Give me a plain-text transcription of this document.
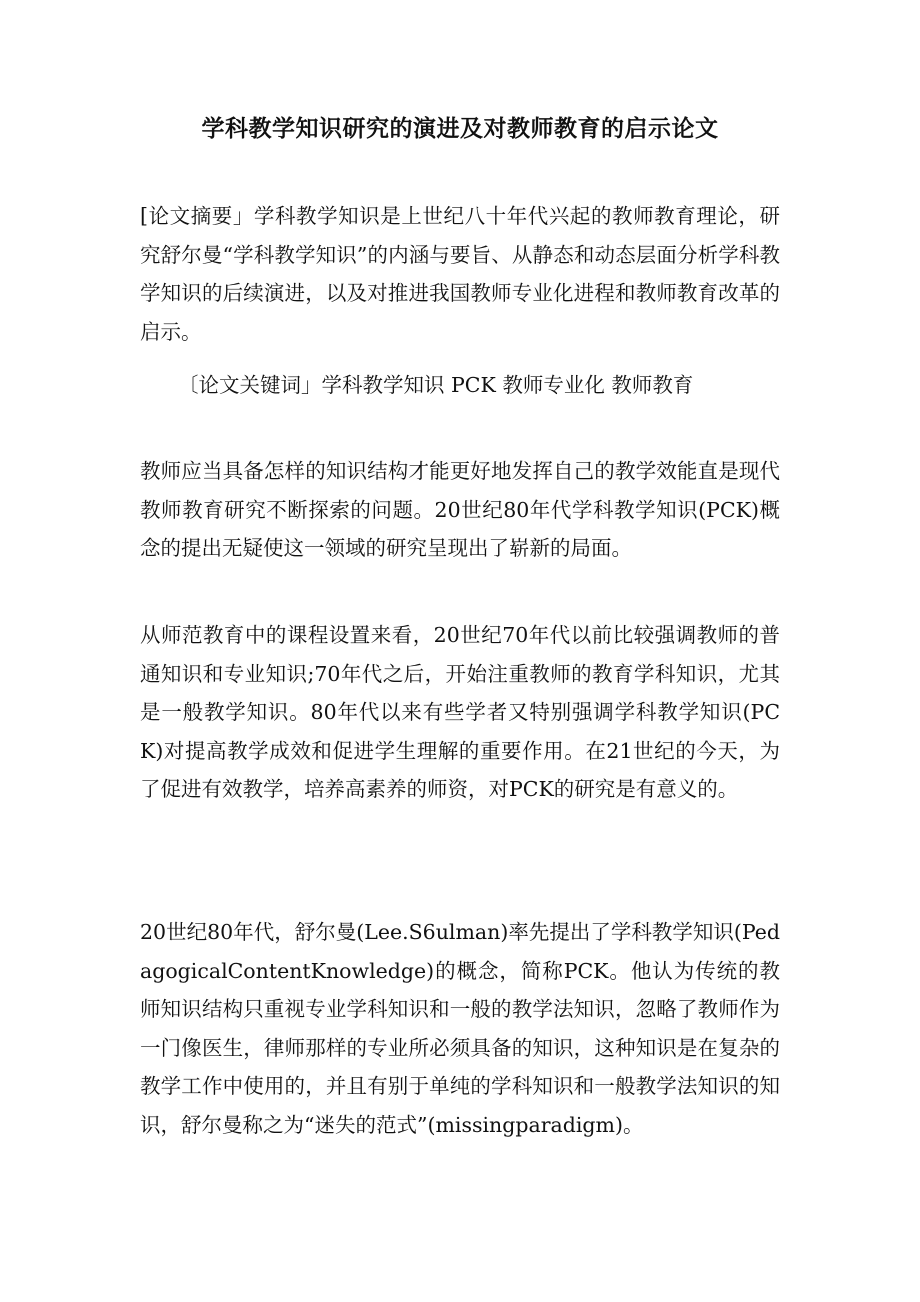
学科教学知识研究的演进及对教师教育的启示论文

[论文摘要」学科教学知识是上世纪八十年代兴起的教师教育理论，研究舒尔曼“学科教学知识”的内涵与要旨、从静态和动态层面分析学科教学知识的后续演进，以及对推进我国教师专业化进程和教师教育改革的启示。

〔论文关键词」学科教学知识 PCK 教师专业化 教师教育

教师应当具备怎样的知识结构才能更好地发挥自己的教学效能直是现代教师教育研究不断探索的问题。20世纪80年代学科教学知识(PCK)概念的提出无疑使这一领域的研究呈现出了崭新的局面。

从师范教育中的课程设置来看，20世纪70年代以前比较强调教师的普通知识和专业知识;70年代之后，开始注重教师的教育学科知识，尤其是一般教学知识。80年代以来有些学者又特别强调学科教学知识(PCK)对提高教学成效和促进学生理解的重要作用。在21世纪的今天，为了促进有效教学，培养高素养的师资，对PCK的研究是有意义的。

20世纪80年代，舒尔曼(Lee.S6ulman)率先提出了学科教学知识(PedagogicalContentKnowledge)的概念，简称PCK。他认为传统的教师知识结构只重视专业学科知识和一般的教学法知识，忽略了教师作为一门像医生，律师那样的专业所必须具备的知识，这种知识是在复杂的教学工作中使用的，并且有别于单纯的学科知识和一般教学法知识的知识，舒尔曼称之为“迷失的范式”(missingparadigm)。
